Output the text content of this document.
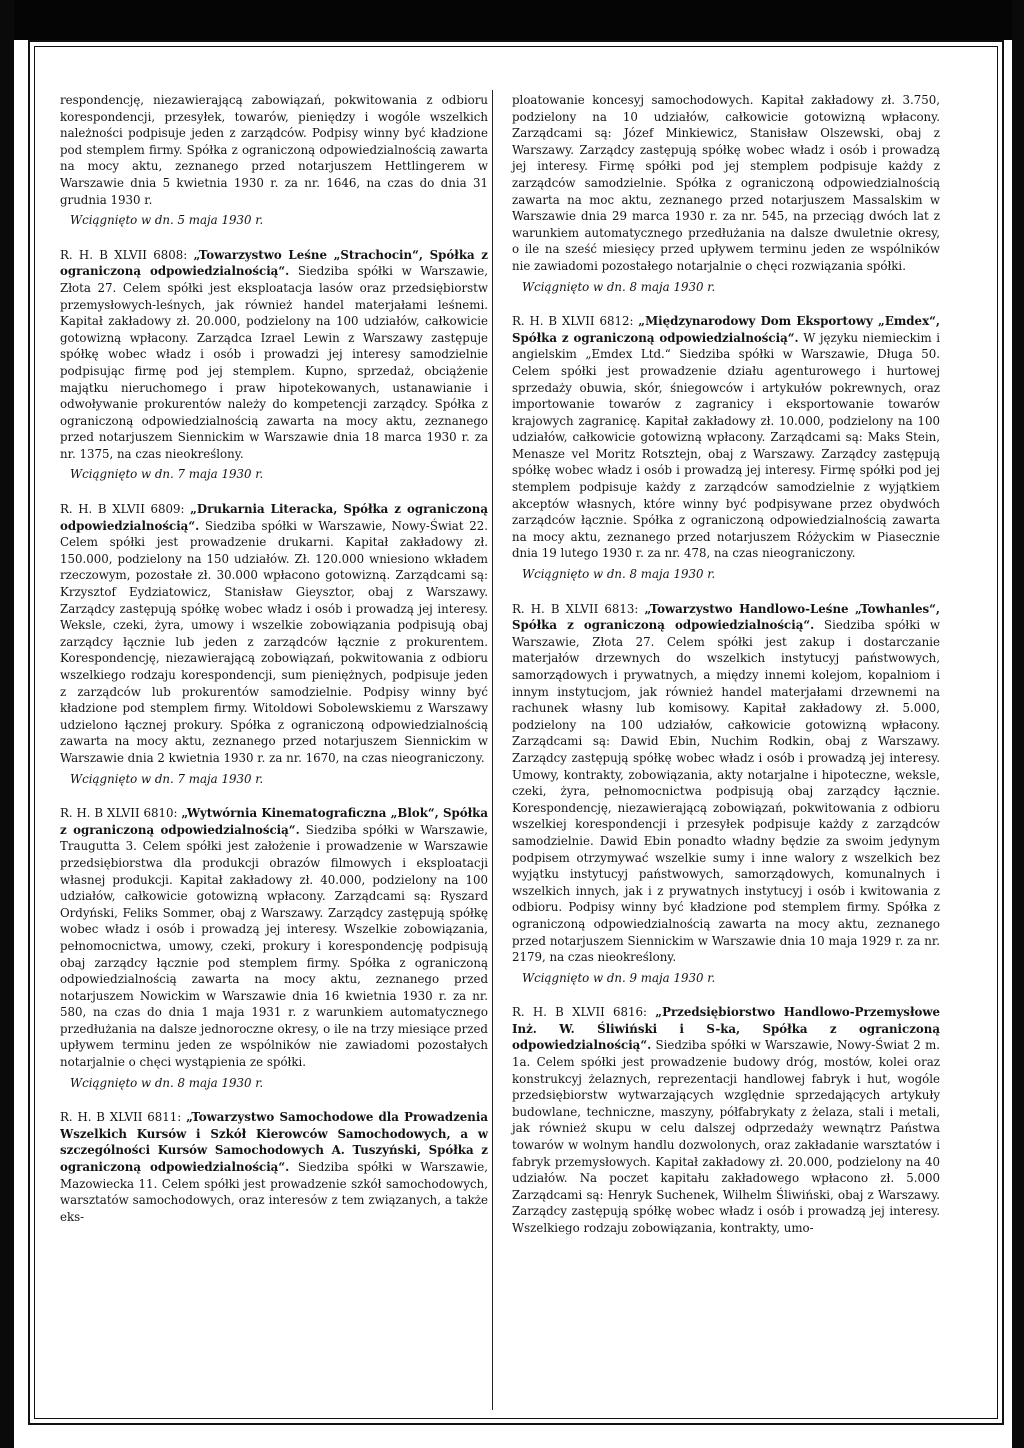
respondencję, niezawierającą zabowiązań, pokwitowania z odbioru korespondencji, przesyłek, towarów, pieniędzy i wogóle wszelkich należności podpisuje jeden z zarządców. Podpisy winny być kładzione pod stemplem firmy. Spółka z ograniczoną odpowiedzialnością zawarta na mocy aktu, zeznanego przed notarjuszem Hettlingerem w Warszawie dnia 5 kwietnia 1930 r. za nr. 1646, na czas do dnia 31 grudnia 1930 r.

Wciągnięto w dn. 5 maja 1930 r.

R. H. B XLVII 6808: „Towarzystwo Leśne „Strachocin“, Spółka z ograniczoną odpowiedzialnością“. Siedziba spółki w Warszawie, Złota 27. Celem spółki jest eksploatacja lasów oraz przedsiębiorstw przemysłowych-leśnych, jak również handel materjałami leśnemi. Kapitał zakładowy zł. 20.000, podzielony na 100 udziałów, całkowicie gotowizną wpłacony. Zarządca Izrael Lewin z Warszawy zastępuje spółkę wobec władz i osób i prowadzi jej interesy samodzielnie podpisując firmę pod jej stemplem. Kupno, sprzedaż, obciążenie majątku nieruchomego i praw hipotekowanych, ustanawianie i odwoływanie prokurentów należy do kompetencji zarządcy. Spółka z ograniczoną odpowiedzialnością zawarta na mocy aktu, zeznanego przed notarjuszem Siennickim w Warszawie dnia 18 marca 1930 r. za nr. 1375, na czas nieokreślony.

Wciągnięto w dn. 7 maja 1930 r.

R. H. B XLVII 6809: „Drukarnia Literacka, Spółka z ograniczoną odpowiedzialnością“. Siedziba spółki w Warszawie, Nowy-Świat 22. Celem spółki jest prowadzenie drukarni. Kapitał zakładowy zł. 150.000, podzielony na 150 udziałów. Zł. 120.000 wniesiono wkładem rzeczowym, pozostałe zł. 30.000 wpłacono gotowizną. Zarządcami są: Krzysztof Eydziatowicz, Stanisław Gieysztor, obaj z Warszawy. Zarządcy zastępują spółkę wobec władz i osób i prowadzą jej interesy. Weksle, czeki, żyra, umowy i wszelkie zobowiązania podpisują obaj zarządcy łącznie lub jeden z zarządców łącznie z prokurentem. Korespondencję, niezawierającą zobowiązań, pokwitowania z odbioru wszelkiego rodzaju korespondencji, sum pieniężnych, podpisuje jeden z zarządców lub prokurentów samodzielnie. Podpisy winny być kładzione pod stemplem firmy. Witoldowi Sobolewskiemu z Warszawy udzielono łącznej prokury. Spółka z ograniczoną odpowiedzialnością zawarta na mocy aktu, zeznanego przed notarjuszem Siennickim w Warszawie dnia 2 kwietnia 1930 r. za nr. 1670, na czas nieograniczony.

Wciągnięto w dn. 7 maja 1930 r.

R. H. B XLVII 6810: „Wytwórnia Kinematograficzna „Blok“, Spółka z ograniczoną odpowiedzialnością“. Siedziba spółki w Warszawie, Traugutta 3. Celem spółki jest założenie i prowadzenie w Warszawie przedsiębiorstwa dla produkcji obrazów filmowych i eksploatacji własnej produkcji. Kapitał zakładowy zł. 40.000, podzielony na 100 udziałów, całkowicie gotowizną wpłacony. Zarządcami są: Ryszard Ordyński, Feliks Sommer, obaj z Warszawy. Zarządcy zastępują spółkę wobec władz i osób i prowadzą jej interesy. Wszelkie zobowiązania, pełnomocnictwa, umowy, czeki, prokury i korespondencję podpisują obaj zarządcy łącznie pod stemplem firmy. Spółka z ograniczoną odpowiedzialnością zawarta na mocy aktu, zeznanego przed notarjuszem Nowickim w Warszawie dnia 16 kwietnia 1930 r. za nr. 580, na czas do dnia 1 maja 1931 r. z warunkiem automatycznego przedłużania na dalsze jednoroczne okresy, o ile na trzy miesiące przed upływem terminu jeden ze wspólników nie zawiadomi pozostałych notarjalnie o chęci wystąpienia ze spółki.

Wciągnięto w dn. 8 maja 1930 r.

R. H. B XLVII 6811: „Towarzystwo Samochodowe dla Prowadzenia Wszelkich Kursów i Szkół Kierowców Samochodowych, a w szczególności Kursów Samochodowych A. Tuszyński, Spółka z ograniczoną odpowiedzialnością“. Siedziba spółki w Warszawie, Mazowiecka 11. Celem spółki jest prowadzenie szkół samochodowych, warsztatów samochodowych, oraz interesów z tem związanych, a także eks-

ploatowanie koncesyj samochodowych. Kapitał zakładowy zł. 3.750, podzielony na 10 udziałów, całkowicie gotowizną wpłacony. Zarządcami są: Józef Minkiewicz, Stanisław Olszewski, obaj z Warszawy. Zarządcy zastępują spółkę wobec władz i osób i prowadzą jej interesy. Firmę spółki pod jej stemplem podpisuje każdy z zarządców samodzielnie. Spółka z ograniczoną odpowiedzialnością zawarta na moc aktu, zeznanego przed notarjuszem Massalskim w Warszawie dnia 29 marca 1930 r. za nr. 545, na przeciąg dwóch lat z warunkiem automatycznego przedłużania na dalsze dwuletnie okresy, o ile na sześć miesięcy przed upływem terminu jeden ze wspólników nie zawiadomi pozostałego notarjalnie o chęci rozwiązania spółki.

Wciągnięto w dn. 8 maja 1930 r.

R. H. B XLVII 6812: „Międzynarodowy Dom Eksportowy „Emdex“, Spółka z ograniczoną odpowiedzialnością“. W języku niemieckim i angielskim „Emdex Ltd.“ Siedziba spółki w Warszawie, Długa 50. Celem spółki jest prowadzenie działu agenturowego i hurtowej sprzedaży obuwia, skór, śniegowców i artykułów pokrewnych, oraz importowanie towarów z zagranicy i eksportowanie towarów krajowych zagranicę. Kapitał zakładowy zł. 10.000, podzielony na 100 udziałów, całkowicie gotowizną wpłacony. Zarządcami są: Maks Stein, Menasze vel Moritz Rotsztejn, obaj z Warszawy. Zarządcy zastępują spółkę wobec władz i osób i prowadzą jej interesy. Firmę spółki pod jej stemplem podpisuje każdy z zarządców samodzielnie z wyjątkiem akceptów własnych, które winny być podpisywane przez obydwóch zarządców łącznie. Spółka z ograniczoną odpowiedzialnością zawarta na mocy aktu, zeznanego przed notarjuszem Różyckim w Piasecznie dnia 19 lutego 1930 r. za nr. 478, na czas nieograniczony.

Wciągnięto w dn. 8 maja 1930 r.

R. H. B XLVII 6813: „Towarzystwo Handlowo-Leśne „Towhanles“, Spółka z ograniczoną odpowiedzialnością“. Siedziba spółki w Warszawie, Złota 27. Celem spółki jest zakup i dostarczanie materjałów drzewnych do wszelkich instytucyj państwowych, samorządowych i prywatnych, a między innemi kolejom, kopalniom i innym instytucjom, jak również handel materjałami drzewnemi na rachunek własny lub komisowy. Kapitał zakładowy zł. 5.000, podzielony na 100 udziałów, całkowicie gotowizną wpłacony. Zarządcami są: Dawid Ebin, Nuchim Rodkin, obaj z Warszawy. Zarządcy zastępują spółkę wobec władz i osób i prowadzą jej interesy. Umowy, kontrakty, zobowiązania, akty notarjalne i hipoteczne, weksle, czeki, żyra, pełnomocnictwa podpisują obaj zarządcy łącznie. Korespondencję, niezawierającą zobowiązań, pokwitowania z odbioru wszelkiej korespondencji i przesyłek podpisuje każdy z zarządców samodzielnie. Dawid Ebin ponadto władny będzie za swoim jedynym podpisem otrzymywać wszelkie sumy i inne walory z wszelkich bez wyjątku instytucyj państwowych, samorządowych, komunalnych i wszelkich innych, jak i z prywatnych instytucyj i osób i kwitowania z odbioru. Podpisy winny być kładzione pod stemplem firmy. Spółka z ograniczoną odpowiedzialnością zawarta na mocy aktu, zeznanego przed notarjuszem Siennickim w Warszawie dnia 10 maja 1929 r. za nr. 2179, na czas nieokreślony.

Wciągnięto w dn. 9 maja 1930 r.

R. H. B XLVII 6816: „Przedsiębiorstwo Handlowo-Przemysłowe Inż. W. Śliwiński i S-ka, Spółka z ograniczoną odpowiedzialnością“. Siedziba spółki w Warszawie, Nowy-Świat 2 m. 1a. Celem spółki jest prowadzenie budowy dróg, mostów, kolei oraz konstrukcyj żelaznych, reprezentacji handlowej fabryk i hut, wogóle przedsiębiorstw wytwarzających względnie sprzedających artykuły budowlane, techniczne, maszyny, półfabrykaty z żelaza, stali i metali, jak również skupu w celu dalszej odprzedaży wewnątrz Państwa towarów w wolnym handlu dozwolonych, oraz zakładanie warsztatów i fabryk przemysłowych. Kapitał zakładowy zł. 20.000, podzielony na 40 udziałów. Na poczet kapitału zakładowego wpłacono zł. 5.000 Zarządcami są: Henryk Suchenek, Wilhelm Śliwiński, obaj z Warszawy. Zarządcy zastępują spółkę wobec władz i osób i prowadzą jej interesy. Wszelkiego rodzaju zobowiązania, kontrakty, umo-
